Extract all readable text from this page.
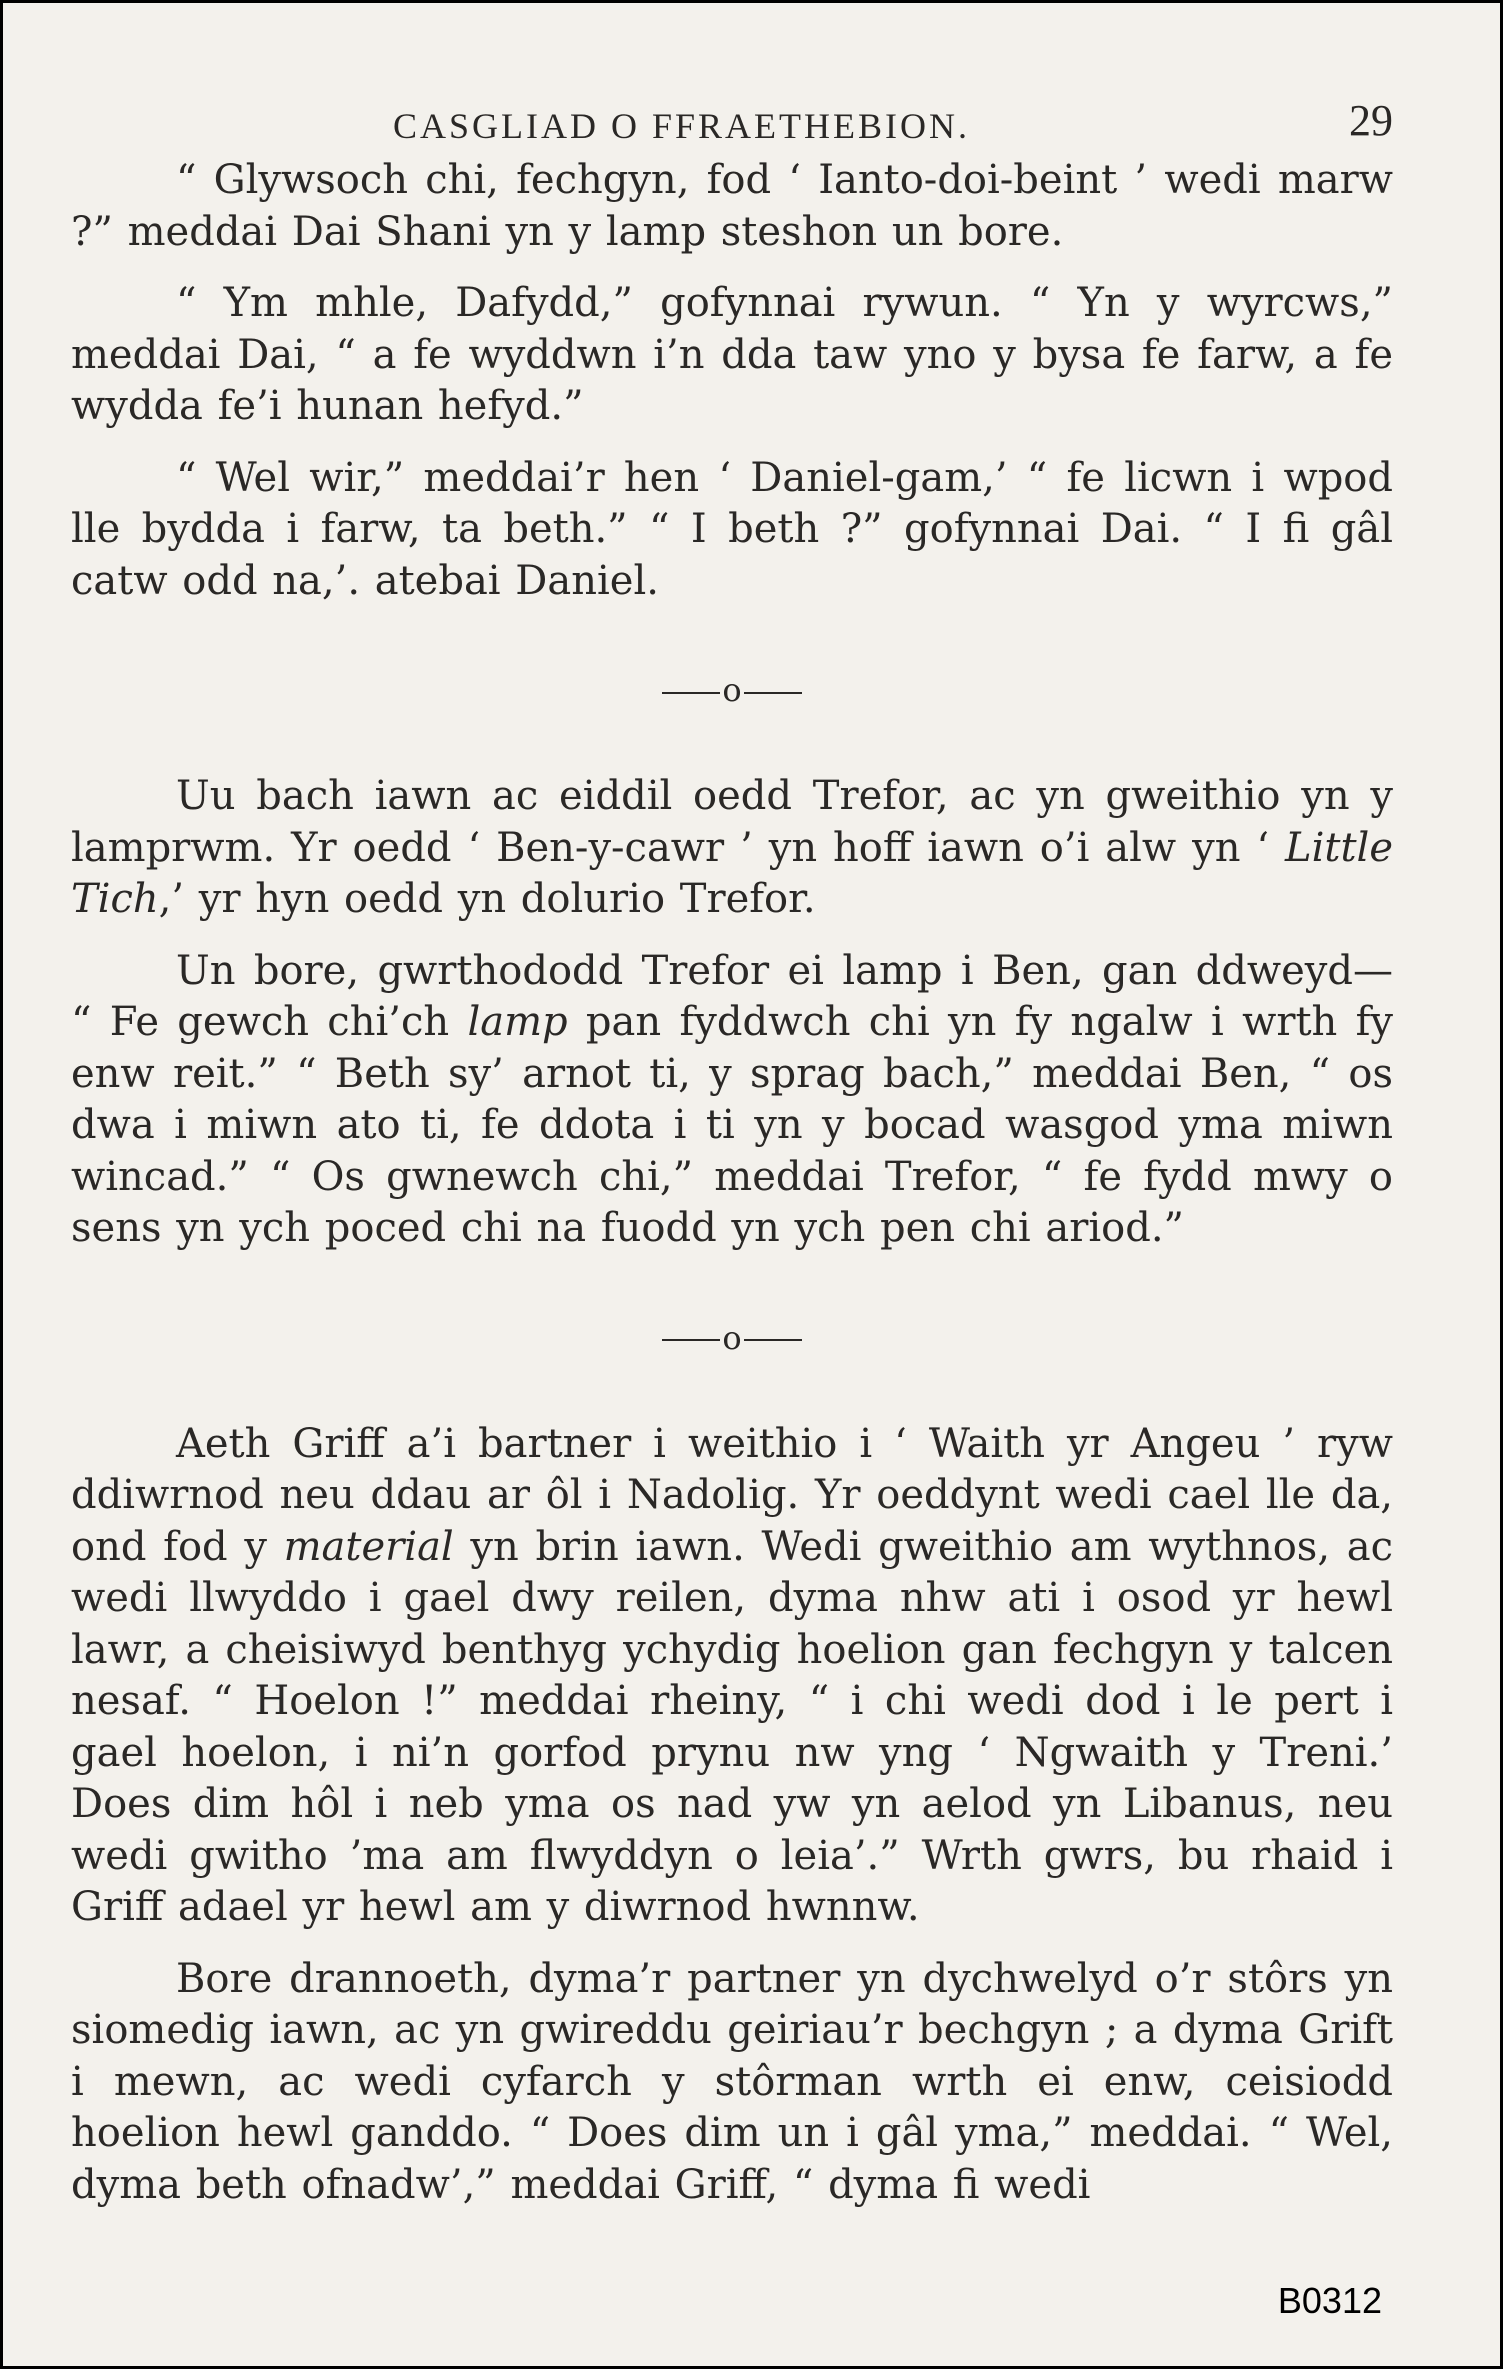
CASGLIAD O FFRAETHEBION.	29

“ Glywsoch chi, fechgyn, fod ‘ Ianto-doi-beint ’ wedi marw ?” meddai Dai Shani yn y lamp steshon un bore.

“ Ym mhle, Dafydd,” gofynnai rywun. “ Yn y wyrcws,” meddai Dai, “ a fe wyddwn i’n dda taw yno y bysa fe farw, a fe wydda fe’i hunan hefyd.”

“ Wel wir,” meddai’r hen ‘ Daniel-gam,’ “ fe licwn i wpod lle bydda i farw, ta beth.” “ I beth ?” gofynnai Dai. “ I fi gâl catw odd na,’. atebai Daniel.

o

Uu bach iawn ac eiddil oedd Trefor, ac yn gweithio yn y lamprwm. Yr oedd ‘ Ben-y-cawr ’ yn hoff iawn o’i alw yn ‘ Little Tich,’ yr hyn oedd yn dolurio Trefor.

Un bore, gwrthododd Trefor ei lamp i Ben, gan ddweyd— “ Fe gewch chi’ch lamp pan fyddwch chi yn fy ngalw i wrth fy enw reit.” “ Beth sy’ arnot ti, y sprag bach,” meddai Ben, “ os dwa i miwn ato ti, fe ddota i ti yn y bocad wasgod yma miwn wincad.” “ Os gwnewch chi,” meddai Trefor, “ fe fydd mwy o sens yn ych poced chi na fuodd yn ych pen chi ariod.”

o

Aeth Griff a’i bartner i weithio i ‘ Waith yr Angeu ’ ryw ddiwrnod neu ddau ar ôl i Nadolig. Yr oeddynt wedi cael lle da, ond fod y material yn brin iawn. Wedi gweithio am wythnos, ac wedi llwyddo i gael dwy reilen, dyma nhw ati i osod yr hewl lawr, a cheisiwyd benthyg ychydig hoelion gan fechgyn y talcen nesaf. “ Hoelon !” meddai rheiny, “ i chi wedi dod i le pert i gael hoelon, i ni’n gorfod prynu nw yng ‘ Ngwaith y Treni.’ Does dim hôl i neb yma os nad yw yn aelod yn Libanus, neu wedi gwitho ’ma am flwyddyn o leia’.” Wrth gwrs, bu rhaid i Griff adael yr hewl am y diwrnod hwnnw.

Bore drannoeth, dyma’r partner yn dychwelyd o’r stôrs yn siomedig iawn, ac yn gwireddu geiriau’r bechgyn ; a dyma Grift i mewn, ac wedi cyfarch y stôrman wrth ei enw, ceisiodd hoelion hewl ganddo. “ Does dim un i gâl yma,” meddai. “ Wel, dyma beth ofnadw’,” meddai Griff, “ dyma fi wedi

B0312
